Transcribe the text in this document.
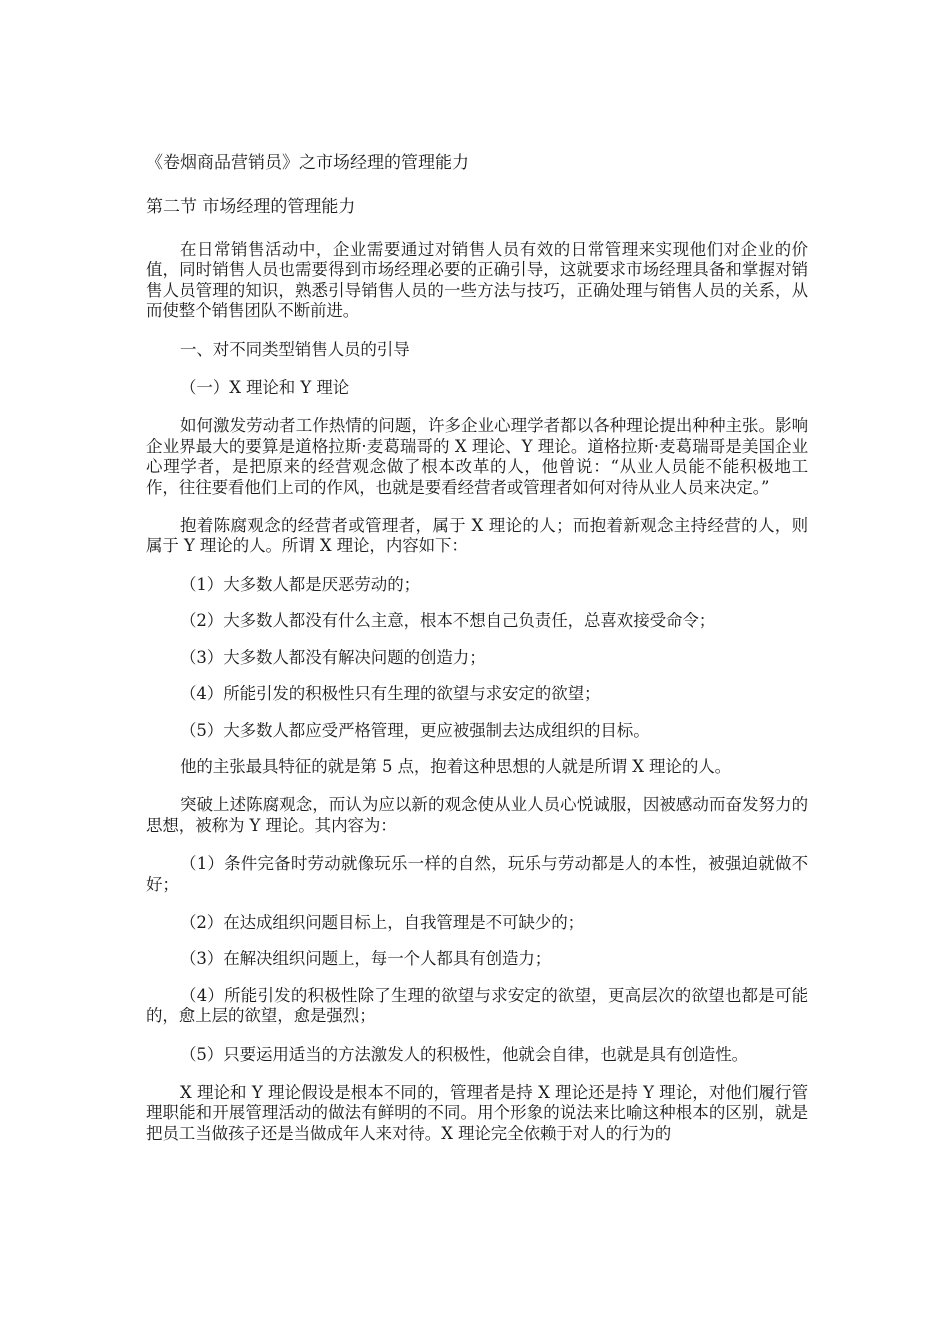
《卷烟商品营销员》之市场经理的管理能力
第二节 市场经理的管理能力

在日常销售活动中，企业需要通过对销售人员有效的日常管理来实现他们对企业的价值，同时销售人员也需要得到市场经理必要的正确引导，这就要求市场经理具备和掌握对销售人员管理的知识，熟悉引导销售人员的一些方法与技巧，正确处理与销售人员的关系，从而使整个销售团队不断前进。

一、对不同类型销售人员的引导

（一）X 理论和 Y 理论

如何激发劳动者工作热情的问题，许多企业心理学者都以各种理论提出种种主张。影响企业界最大的要算是道格拉斯·麦葛瑞哥的 X 理论、Y 理论。道格拉斯·麦葛瑞哥是美国企业心理学者，是把原来的经营观念做了根本改革的人，他曾说：“从业人员能不能积极地工作，往往要看他们上司的作风，也就是要看经营者或管理者如何对待从业人员来决定。”

抱着陈腐观念的经营者或管理者，属于 X 理论的人；而抱着新观念主持经营的人，则属于 Y 理论的人。所谓 X 理论，内容如下：

（1）大多数人都是厌恶劳动的；

（2）大多数人都没有什么主意，根本不想自己负责任，总喜欢接受命令；

（3）大多数人都没有解决问题的创造力；

（4）所能引发的积极性只有生理的欲望与求安定的欲望；

（5）大多数人都应受严格管理，更应被强制去达成组织的目标。

他的主张最具特征的就是第 5 点，抱着这种思想的人就是所谓 X 理论的人。

突破上述陈腐观念，而认为应以新的观念使从业人员心悦诚服，因被感动而奋发努力的思想，被称为 Y 理论。其内容为：

（1）条件完备时劳动就像玩乐一样的自然，玩乐与劳动都是人的本性，被强迫就做不好；

（2）在达成组织问题目标上，自我管理是不可缺少的；

（3）在解决组织问题上，每一个人都具有创造力；

（4）所能引发的积极性除了生理的欲望与求安定的欲望，更高层次的欲望也都是可能的，愈上层的欲望，愈是强烈；

（5）只要运用适当的方法激发人的积极性，他就会自律，也就是具有创造性。

X 理论和 Y 理论假设是根本不同的，管理者是持 X 理论还是持 Y 理论，对他们履行管理职能和开展管理活动的做法有鲜明的不同。用个形象的说法来比喻这种根本的区别，就是把员工当做孩子还是当做成年人来对待。X 理论完全依赖于对人的行为的
